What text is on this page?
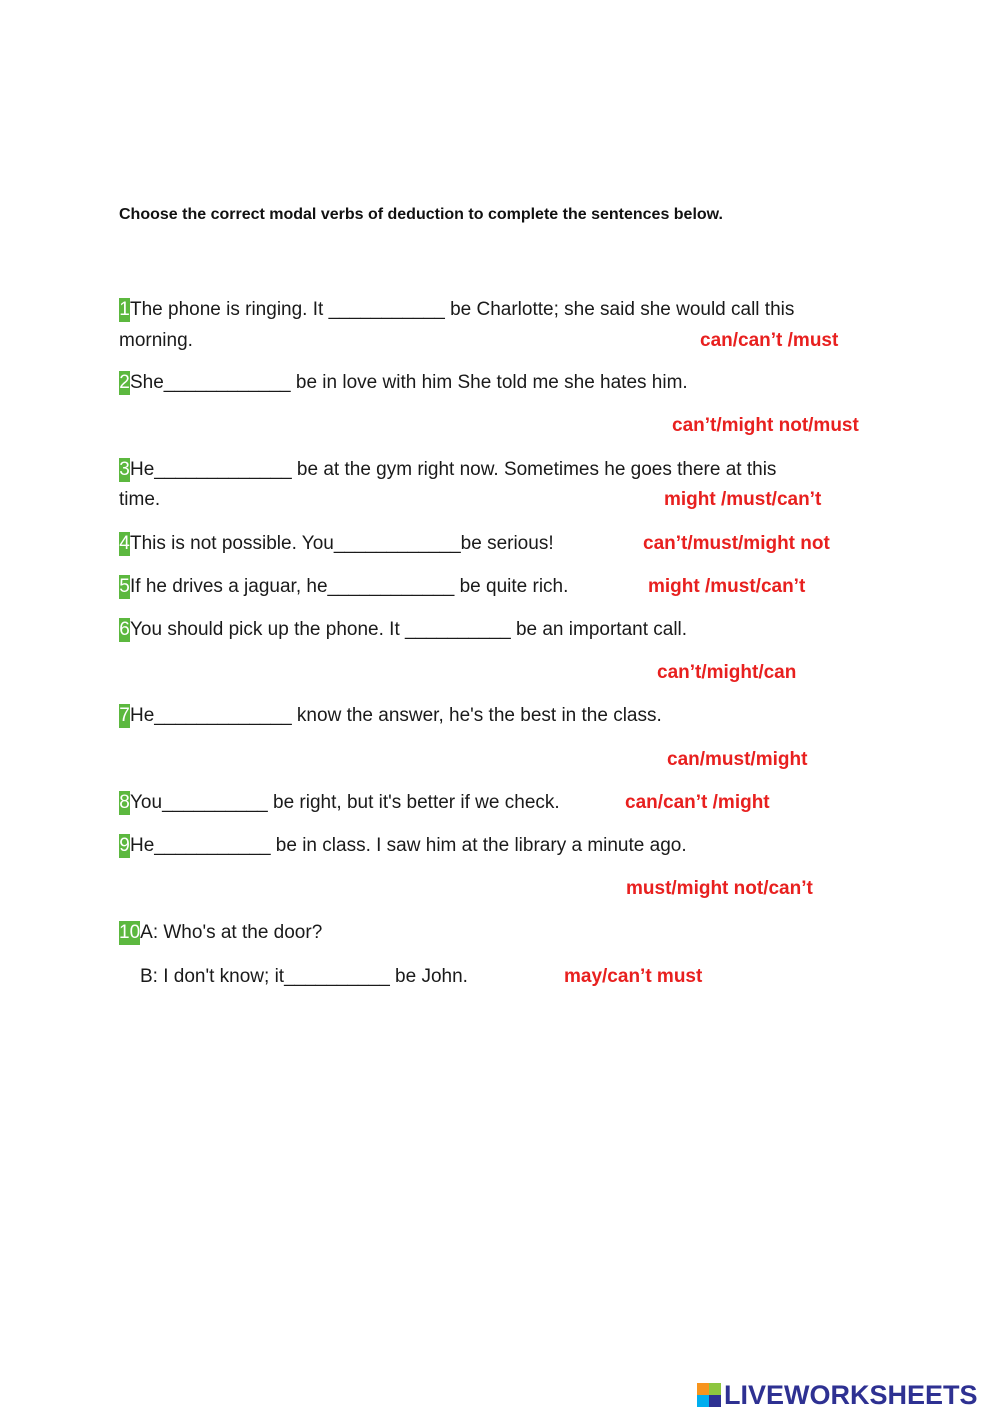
Choose the correct modal verbs of deduction to complete the sentences below.
1The phone is ringing. It ___________ be Charlotte; she said she would call this
morning.	can/can’t /must
2She____________ be in love with him She told me she hates him.
can’t/might not/must
3He_____________ be at the gym right now. Sometimes he goes there at this
time.	might /must/can’t
4This is not possible. You____________be serious!	can’t/must/might not
5If he drives a jaguar, he____________ be quite rich.	might /must/can’t
6You should pick up the phone. It __________ be an important call.
can’t/might/can
7He_____________ know the answer, he's the best in the class.
can/must/might
8You__________ be right, but it's better if we check.	can/can’t /might
9He___________ be in class. I saw him at the library a minute ago.
must/might not/can’t
10A: Who's at the door?
B: I don't know; it__________ be John.	may/can’t must
LIVEWORKSHEETS
